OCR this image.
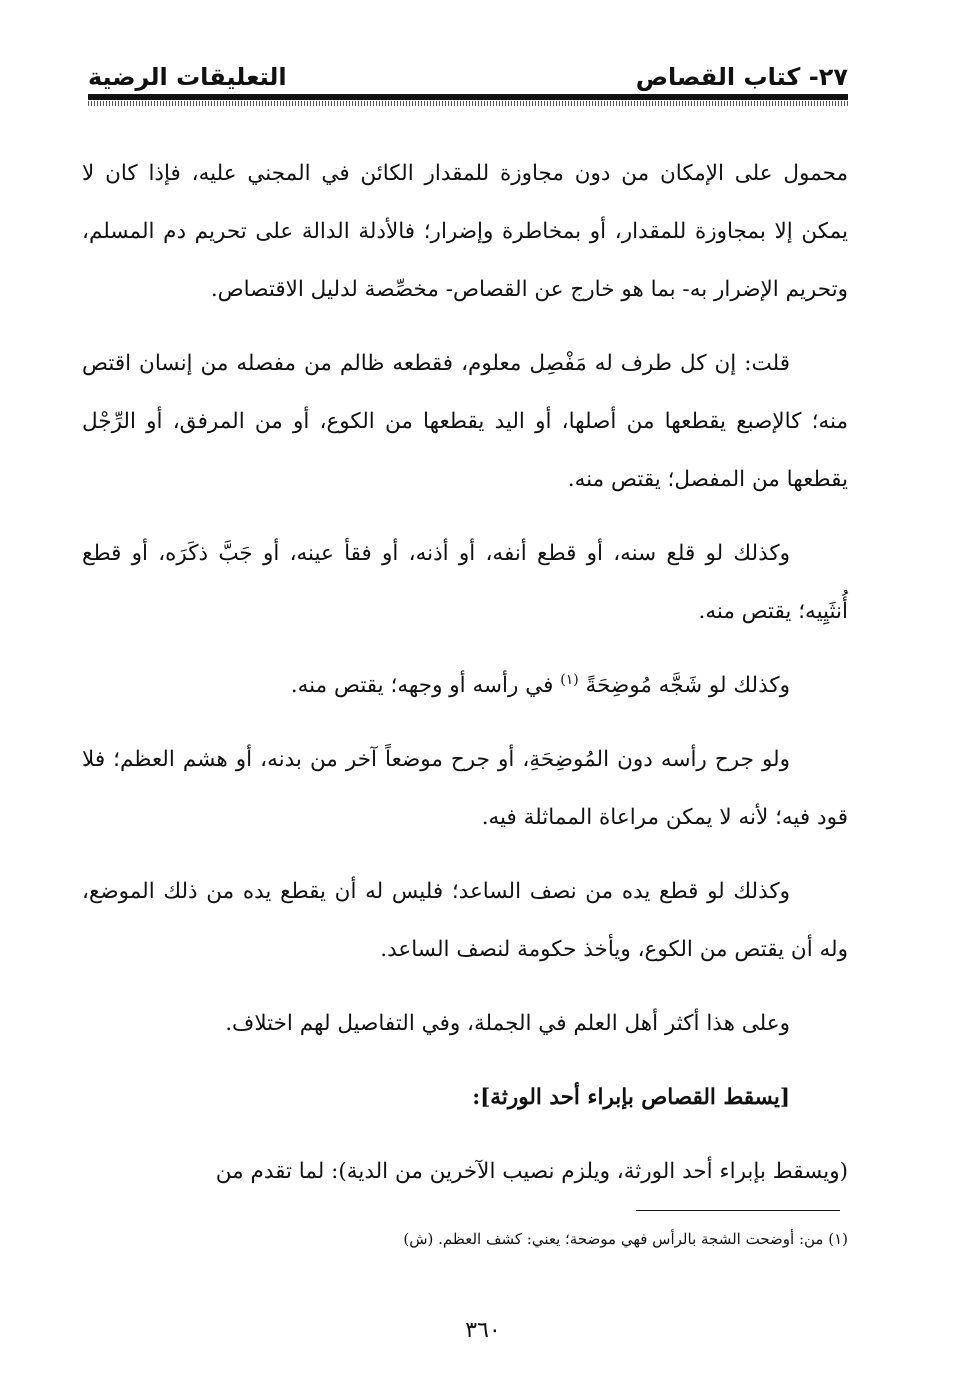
٢٧- كتاب القصاص
التعليقات الرضية

محمول على الإمكان من دون مجاوزة للمقدار الكائن في المجني عليه، فإذا كان لا يمكن إلا بمجاوزة للمقدار، أو بمخاطرة وإضرار؛ فالأدلة الدالة على تحريم دم المسلم، وتحريم الإضرار به- بما هو خارج عن القصاص- مخصِّصة لدليل الاقتصاص.

قلت: إن كل طرف له مَفْصِل معلوم، فقطعه ظالم من مفصله من إنسان اقتص منه؛ كالإصبع يقطعها من أصلها، أو اليد يقطعها من الكوع، أو من المرفق، أو الرِّجْل يقطعها من المفصل؛ يقتص منه.

وكذلك لو قلع سنه، أو قطع أنفه، أو أذنه، أو فقأ عينه، أو جَبَّ ذكَرَه، أو قطع أُنثَيِيه؛ يقتص منه.

وكذلك لو شَجَّه مُوضِحَةً $^{(١)}$ في رأسه أو وجهه؛ يقتص منه.

ولو جرح رأسه دون المُوضِحَةِ، أو جرح موضعاً آخر من بدنه، أو هشم العظم؛ فلا قود فيه؛ لأنه لا يمكن مراعاة المماثلة فيه.

وكذلك لو قطع يده من نصف الساعد؛ فليس له أن يقطع يده من ذلك الموضع، وله أن يقتص من الكوع، ويأخذ حكومة لنصف الساعد.

وعلى هذا أكثر أهل العلم في الجملة، وفي التفاصيل لهم اختلاف.

[يسقط القصاص بإبراء أحد الورثة]:

(ويسقط بإبراء أحد الورثة، ويلزم نصيب الآخرين من الدية): لما تقدم من

(١) من: أوضحت الشجة بالرأس فهي موضحة؛ يعني: كشف العظم. (ش)
٣٦٠
